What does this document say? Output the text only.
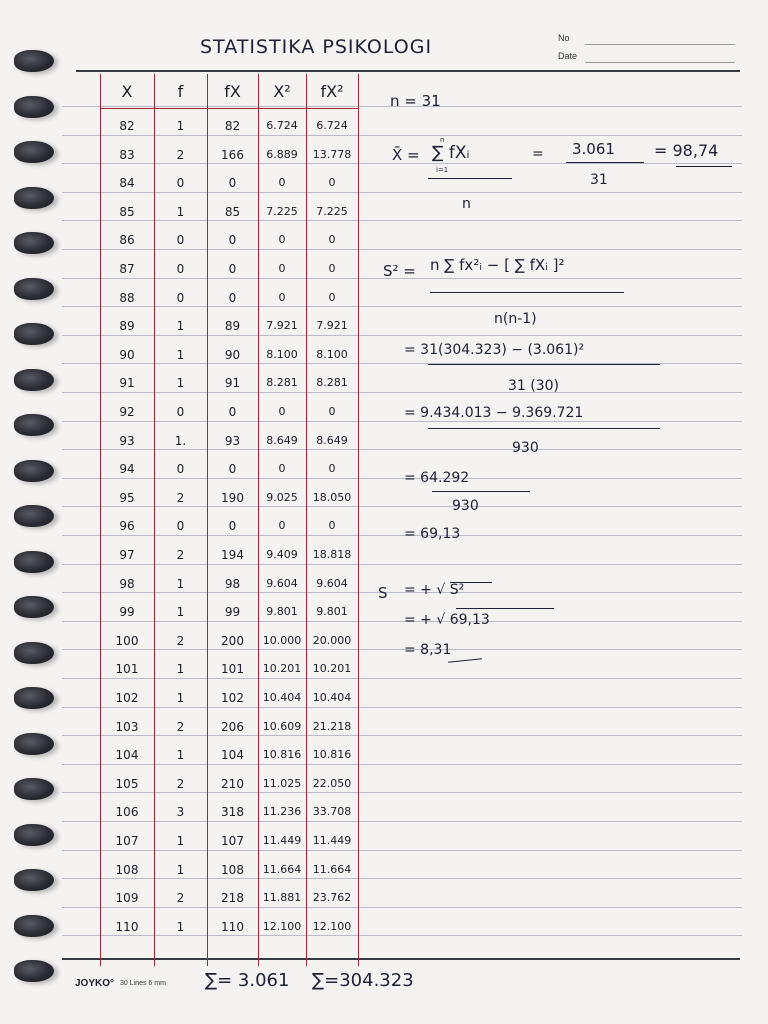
STATISTIKA PSIKOLOGI	No
Date
X	f	fX	X²	fX²
82	1	82	6.724	6.724
83	2	166	6.889	13.778
84	0	0	0	0
85	1	85	7.225	7.225
86	0	0	0	0
87	0	0	0	0
88	0	0	0	0
89	1	89	7.921	7.921
90	1	90	8.100	8.100
91	1	91	8.281	8.281
92	0	0	0	0
93	1.	93	8.649	8.649
94	0	0	0	0
95	2	190	9.025	18.050
96	0	0	0	0
97	2	194	9.409	18.818
98	1	98	9.604	9.604
99	1	99	9.801	9.801
100	2	200	10.000	20.000
101	1	101	10.201	10.201
102	1	102	10.404	10.404
103	2	206	10.609	21.218
104	1	104	10.816	10.816
105	2	210	11.025	22.050
106	3	318	11.236	33.708
107	1	107	11.449	11.449
108	1	108	11.664	11.664
109	2	218	11.881	23.762
110	1	110	12.100	12.100
n = 31
X̄ =
n
i=1
∑ fXᵢ
n
= 3.061
31
= 98,74
S² = n ∑ fx²ᵢ − [ ∑ fXᵢ ]²
n(n-1)
= 31(304.323) − (3.061)²
31 (30)
= 9.434.013 − 9.369.721
930
= 64.292
930
= 69,13
S = + √ S²
= + √ 69,13
= 8,31
JOYKO° 30 Lines 6 mm ∑= 3.061 ∑=304.323
